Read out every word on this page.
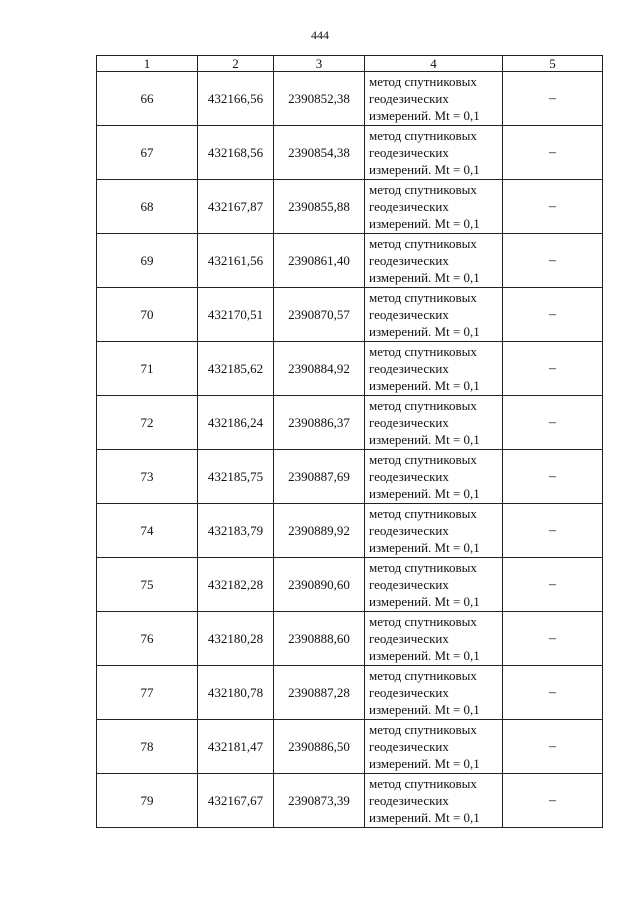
444
1	2	3	4	5
66	432166,56	2390852,38	метод спутниковых
геодезических
измерений. Mt = 0,1	–
67	432168,56	2390854,38	метод спутниковых
геодезических
измерений. Mt = 0,1	–
68	432167,87	2390855,88	метод спутниковых
геодезических
измерений. Mt = 0,1	–
69	432161,56	2390861,40	метод спутниковых
геодезических
измерений. Mt = 0,1	–
70	432170,51	2390870,57	метод спутниковых
геодезических
измерений. Mt = 0,1	–
71	432185,62	2390884,92	метод спутниковых
геодезических
измерений. Mt = 0,1	–
72	432186,24	2390886,37	метод спутниковых
геодезических
измерений. Mt = 0,1	–
73	432185,75	2390887,69	метод спутниковых
геодезических
измерений. Mt = 0,1	–
74	432183,79	2390889,92	метод спутниковых
геодезических
измерений. Mt = 0,1	–
75	432182,28	2390890,60	метод спутниковых
геодезических
измерений. Mt = 0,1	–
76	432180,28	2390888,60	метод спутниковых
геодезических
измерений. Mt = 0,1	–
77	432180,78	2390887,28	метод спутниковых
геодезических
измерений. Mt = 0,1	–
78	432181,47	2390886,50	метод спутниковых
геодезических
измерений. Mt = 0,1	–
79	432167,67	2390873,39	метод спутниковых
геодезических
измерений. Mt = 0,1	–
